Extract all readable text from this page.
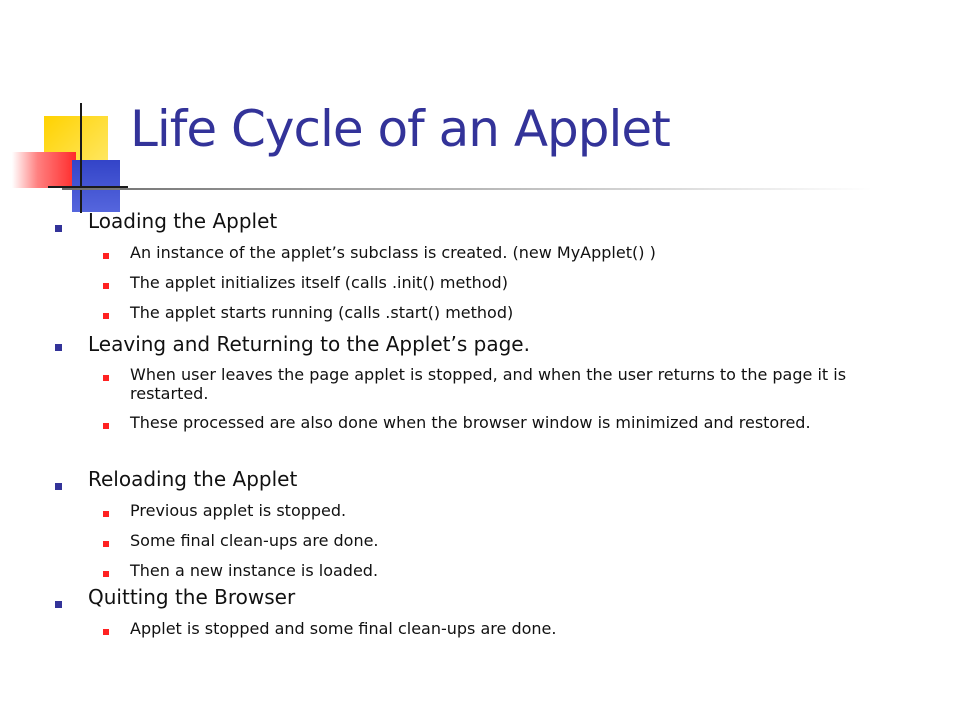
Life Cycle of an Applet
Loading the Applet
An instance of the applet’s subclass is created. (new MyApplet() )
The applet initializes itself (calls .init() method)
The applet starts running (calls .start() method)
Leaving and Returning to the Applet’s page.
When user leaves the page applet is stopped, and when the user returns to the page it is restarted.
These processed are also done when the browser window is minimized and restored.
Reloading the Applet
Previous applet is stopped.
Some final clean-ups are done.
Then a new instance is loaded.
Quitting the Browser
Applet is stopped and some final clean-ups are done.
